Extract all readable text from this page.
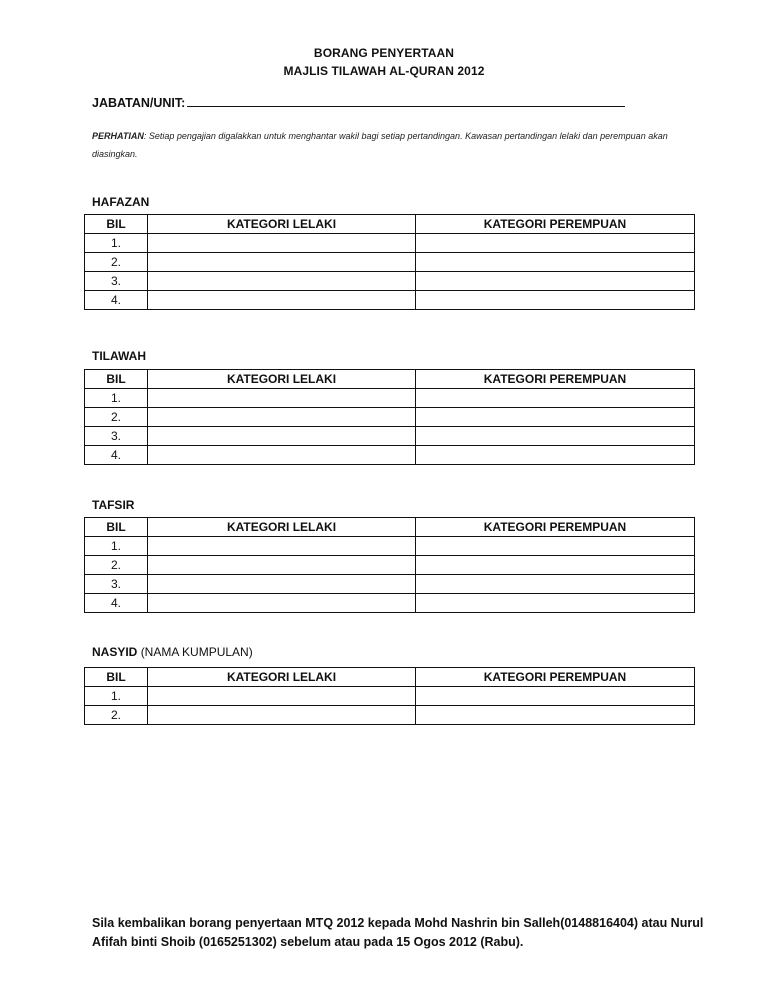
BORANG PENYERTAAN
MAJLIS TILAWAH AL-QURAN 2012
JABATAN/UNIT:
PERHATIAN: Setiap pengajian digalakkan untuk menghantar wakil bagi setiap pertandingan. Kawasan pertandingan lelaki dan perempuan akan diasingkan.
HAFAZAN
BIL	KATEGORI LELAKI	KATEGORI PEREMPUAN
1.		
2.		
3.		
4.		
TILAWAH
BIL	KATEGORI LELAKI	KATEGORI PEREMPUAN
1.		
2.		
3.		
4.		
TAFSIR
BIL	KATEGORI LELAKI	KATEGORI PEREMPUAN
1.		
2.		
3.		
4.		
NASYID (NAMA KUMPULAN)
BIL	KATEGORI LELAKI	KATEGORI PEREMPUAN
1.		
2.		
Sila kembalikan borang penyertaan MTQ 2012 kepada Mohd Nashrin bin Salleh(0148816404) atau Nurul Afifah binti Shoib (0165251302) sebelum atau pada 15 Ogos 2012 (Rabu).
